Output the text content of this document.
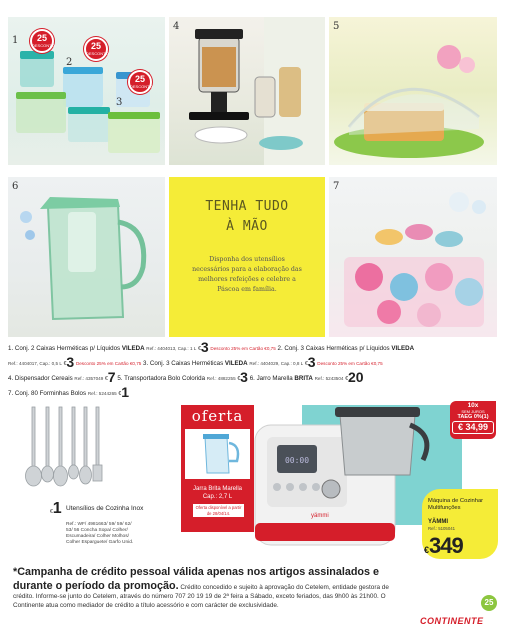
1	25
DESCONTO	25
DESCONTO
25
DESCONTO
2
3
4	5
6
TENHA TUDO
À MÃO
Disponha dos utensílios necessários para a elaboração das melhores refeições e celebre a Páscoa em família.
7
1. Conj. 2 Caixas Herméticas p/ Líquidos VILEDA Ref.: 4404013, Cap.: 1 L €3 Desconto 25% em Cartão €0,75 2. Conj. 3 Caixas Herméticas p/ Líquidos VILEDA
Ref.: 4404017, Cap.: 0,5 L €3 Desconto 25% em Cartão €0,75 3. Conj. 3 Caixas Herméticas VILEDA Ref.: 4404029, Cap.: 0,8 L €3 Desconto 25% em Cartão €0,75
4. Dispensador Cereais Ref.: 4357049 €7 5. Transportadora Bolo Colorida Ref.: 4882255 €3 6. Jarro Marella BRITA Ref.: 5243504 €20
7. Conj. 80 Forminhas Bolos Ref.: 5244265 €1
€1 Utensílios de Cozinha Inox
Ref.: WF/ 4981663/ 59/ 59/ 62/ 53/ 56 Concha Sopa/ Colher/ Escumadeira/ Colher Molhos/ Colher Esparguete/ Garfo Unid.
oferta
Jarra Brita Marella Cap.: 2,7 L
Oferta disponível a partir de 28/04/14.
00:00
yämmi
10x
SEM JUROS
TAEG 0%(1)
€ 34,99
Máquina de Cozinhar Multifunções
YÄMMI
Ref.: 5105041
€349
*Campanha de crédito pessoal válida apenas nos artigos assinalados e
durante o período da promoção. Crédito concedido e sujeito à aprovação do Cetelem, entidade gestora de
crédito. Informe-se junto do Cetelem, através do número 707 20 19 19 de 2ª feira a Sábado, exceto feriados, das 9h00 às 21h00. O
Continente atua como mediador de crédito a título acessório e com carácter de exclusividade.
CONTINENTE
25
